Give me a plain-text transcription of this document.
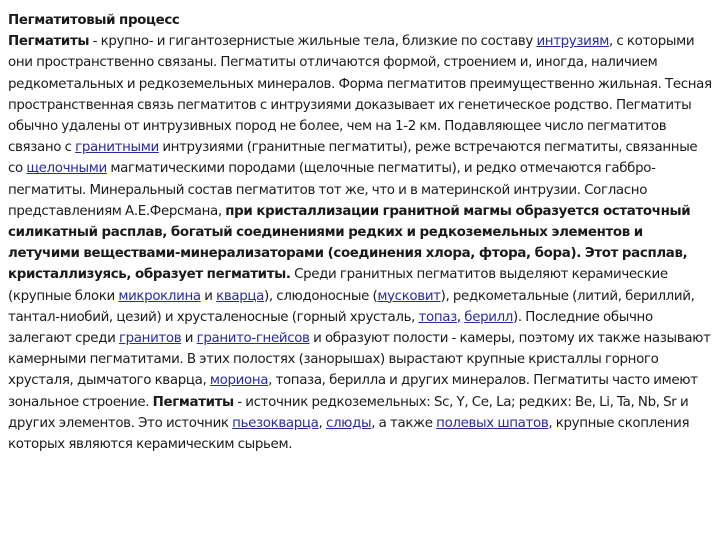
Пегматитовый процесс

Пегматиты - крупно- и гигантозернистые жильные тела, близкие по составу интрузиям, с которыми они пространственно связаны. Пегматиты отличаются формой, строением и, иногда, наличием редкометальных и редкоземельных минералов. Форма пегматитов преимущественно жильная. Тесная пространственная связь пегматитов с интрузиями доказывает их генетическое родство. Пегматиты обычно удалены от интрузивных пород не более, чем на 1-2 км. Подавляющее число пегматитов связано с гранитными интрузиями (гранитные пегматиты), реже встречаются пегматиты, связанные со щелочными магматическими породами (щелочные пегматиты), и редко отмечаются габбро-пегматиты. Минеральный состав пегматитов тот же, что и в материнской интрузии. Согласно представлениям А.Е.Ферсмана, при кристаллизации гранитной магмы образуется остаточный силикатный расплав, богатый соединениями редких и редкоземельных элементов и летучими веществами-минерализаторами (соединения хлора, фтора, бора). Этот расплав, кристаллизуясь, образует пегматиты. Среди гранитных пегматитов выделяют керамические (крупные блоки микроклина и кварца), слюдоносные (мусковит), редкометальные (литий, бериллий, тантал-ниобий, цезий) и хрусталеносные (горный хрусталь, топаз, берилл). Последние обычно залегают среди гранитов и гранито-гнейсов и образуют полости - камеры, поэтому их также называют камерными пегматитами. В этих полостях (занорышах) вырастают крупные кристаллы горного хрусталя, дымчатого кварца, мориона, топаза, берилла и других минералов. Пегматиты часто имеют зональное строение. Пегматиты - источник редкоземельных: Sc, Y, Ce, La; редких: Be, Li, Ta, Nb, Sr и других элементов. Это источник пьезокварца, слюды, а также полевых шпатов, крупные скопления которых являются керамическим сырьем.
